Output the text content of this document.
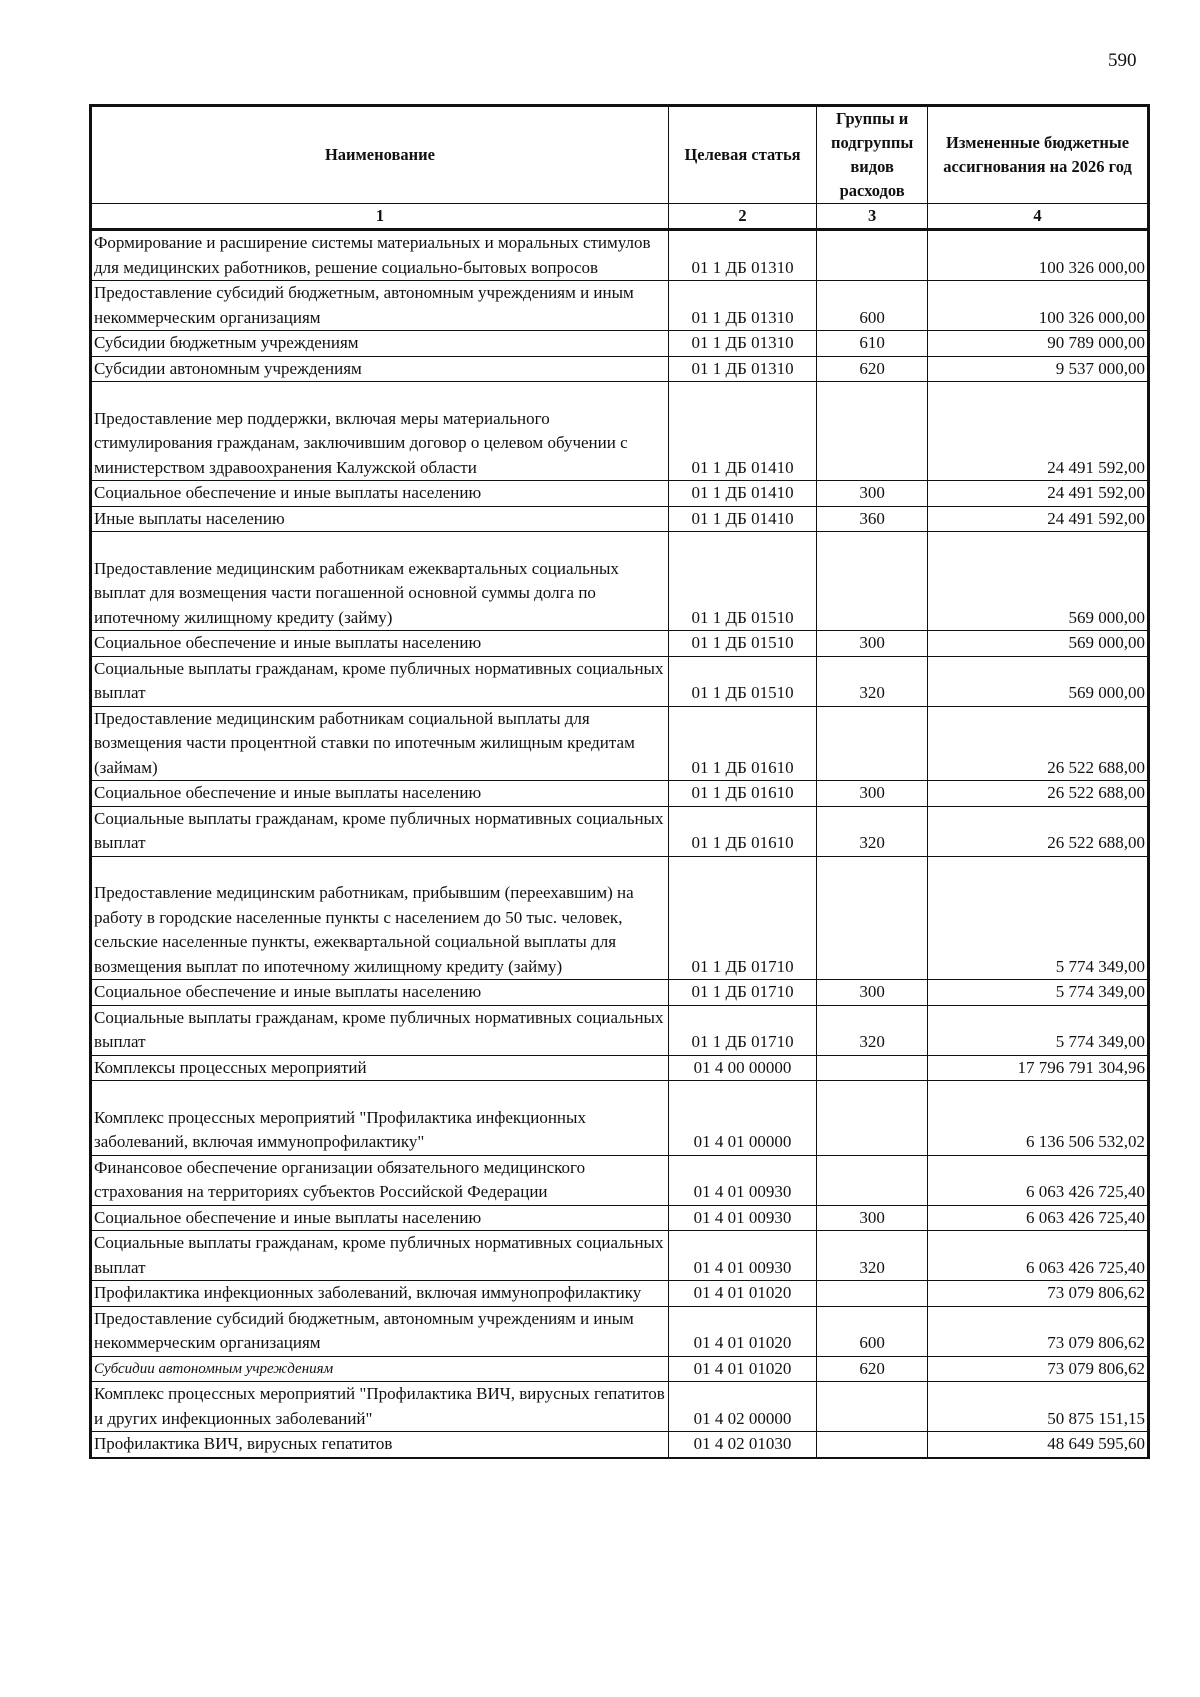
590
Наименование	Целевая статья	Группы и подгруппы видов расходов	Измененные бюджетные ассигнования на 2026 год
1	2	3	4
Формирование и расширение системы материальных и моральных стимулов для медицинских работников, решение социально-бытовых вопросов	01 1 ДБ 01310		100 326 000,00
Предоставление субсидий бюджетным, автономным учреждениям и иным некоммерческим организациям	01 1 ДБ 01310	600	100 326 000,00
Субсидии бюджетным учреждениям	01 1 ДБ 01310	610	90 789 000,00
Субсидии автономным учреждениям	01 1 ДБ 01310	620	9 537 000,00
Предоставление мер поддержки, включая меры материального стимулирования гражданам, заключившим договор о целевом обучении с министерством здравоохранения Калужской области	01 1 ДБ 01410		24 491 592,00
Социальное обеспечение и иные выплаты населению	01 1 ДБ 01410	300	24 491 592,00
Иные выплаты населению	01 1 ДБ 01410	360	24 491 592,00
Предоставление медицинским работникам ежеквартальных социальных выплат для возмещения части погашенной основной суммы долга по ипотечному жилищному кредиту (займу)	01 1 ДБ 01510		569 000,00
Социальное обеспечение и иные выплаты населению	01 1 ДБ 01510	300	569 000,00
Социальные выплаты гражданам, кроме публичных нормативных социальных выплат	01 1 ДБ 01510	320	569 000,00
Предоставление медицинским работникам социальной выплаты для возмещения части процентной ставки по ипотечным жилищным кредитам (займам)	01 1 ДБ 01610		26 522 688,00
Социальное обеспечение и иные выплаты населению	01 1 ДБ 01610	300	26 522 688,00
Социальные выплаты гражданам, кроме публичных нормативных социальных выплат	01 1 ДБ 01610	320	26 522 688,00
Предоставление медицинским работникам, прибывшим (переехавшим) на работу в городские населенные пункты с населением до 50 тыс. человек, сельские населенные пункты, ежеквартальной социальной выплаты для возмещения выплат по ипотечному жилищному кредиту (займу)	01 1 ДБ 01710		5 774 349,00
Социальное обеспечение и иные выплаты населению	01 1 ДБ 01710	300	5 774 349,00
Социальные выплаты гражданам, кроме публичных нормативных социальных выплат	01 1 ДБ 01710	320	5 774 349,00
Комплексы процессных мероприятий	01 4 00 00000		17 796 791 304,96
Комплекс процессных мероприятий "Профилактика инфекционных заболеваний, включая иммунопрофилактику"	01 4 01 00000		6 136 506 532,02
Финансовое обеспечение организации обязательного медицинского страхования на территориях субъектов Российской Федерации	01 4 01 00930		6 063 426 725,40
Социальное обеспечение и иные выплаты населению	01 4 01 00930	300	6 063 426 725,40
Социальные выплаты гражданам, кроме публичных нормативных социальных выплат	01 4 01 00930	320	6 063 426 725,40
Профилактика инфекционных заболеваний, включая иммунопрофилактику	01 4 01 01020		73 079 806,62
Предоставление субсидий бюджетным, автономным учреждениям и иным некоммерческим организациям	01 4 01 01020	600	73 079 806,62
Субсидии автономным учреждениям	01 4 01 01020	620	73 079 806,62
Комплекс процессных мероприятий "Профилактика ВИЧ, вирусных гепатитов и других инфекционных заболеваний"	01 4 02 00000		50 875 151,15
Профилактика ВИЧ, вирусных гепатитов	01 4 02 01030		48 649 595,60
